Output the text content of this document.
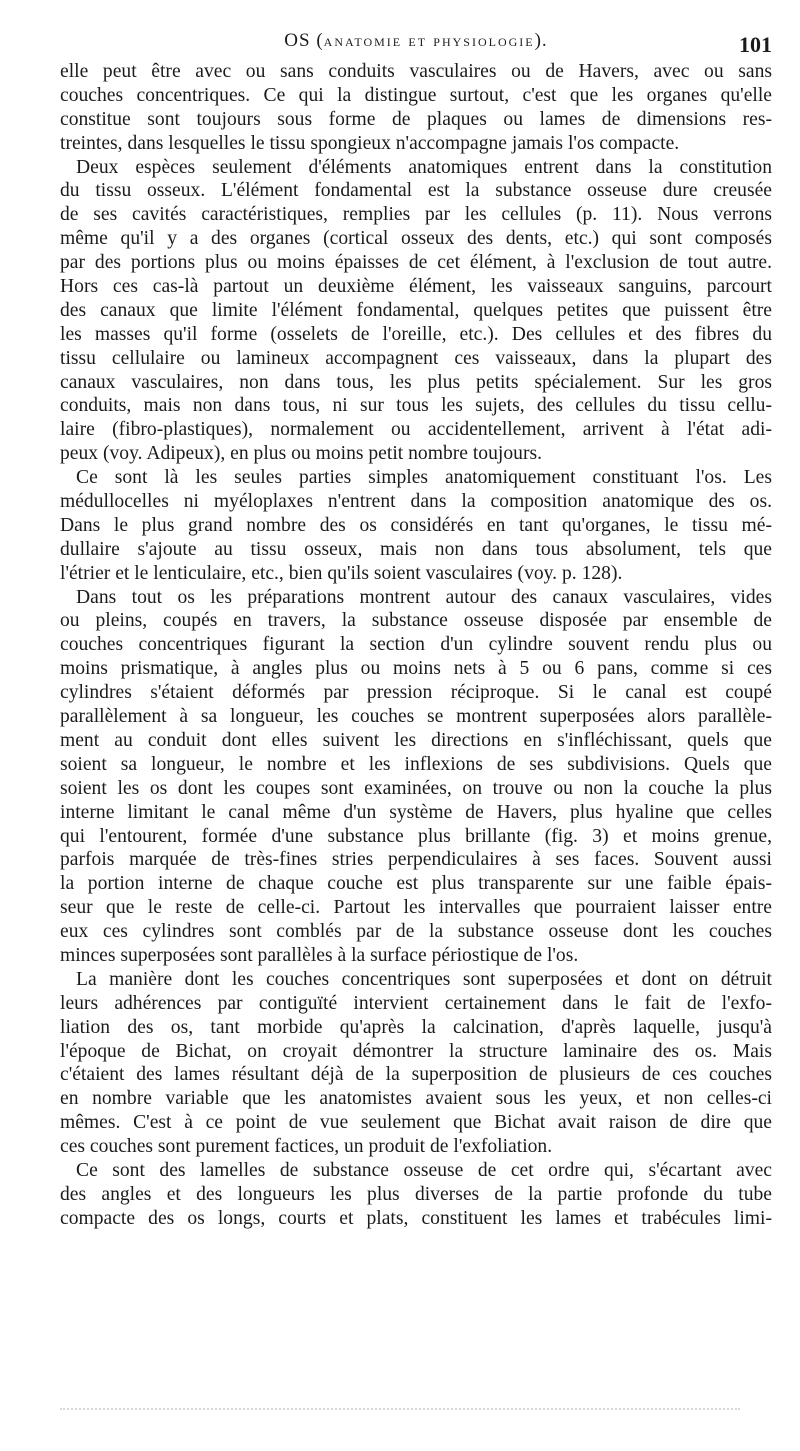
OS (anatomie et physiologie).	101
elle peut être avec ou sans conduits vasculaires ou de Havers, avec ou sans
couches concentriques. Ce qui la distingue surtout, c'est que les organes qu'elle
constitue sont toujours sous forme de plaques ou lames de dimensions res-
treintes, dans lesquelles le tissu spongieux n'accompagne jamais l'os compacte.
Deux espèces seulement d'éléments anatomiques entrent dans la constitution
du tissu osseux. L'élément fondamental est la substance osseuse dure creusée
de ses cavités caractéristiques, remplies par les cellules (p. 11). Nous verrons
même qu'il y a des organes (cortical osseux des dents, etc.) qui sont composés
par des portions plus ou moins épaisses de cet élément, à l'exclusion de tout autre.
Hors ces cas-là partout un deuxième élément, les vaisseaux sanguins, parcourt
des canaux que limite l'élément fondamental, quelques petites que puissent être
les masses qu'il forme (osselets de l'oreille, etc.). Des cellules et des fibres du
tissu cellulaire ou lamineux accompagnent ces vaisseaux, dans la plupart des
canaux vasculaires, non dans tous, les plus petits spécialement. Sur les gros
conduits, mais non dans tous, ni sur tous les sujets, des cellules du tissu cellu-
laire (fibro-plastiques), normalement ou accidentellement, arrivent à l'état adi-
peux (voy. Adipeux), en plus ou moins petit nombre toujours.
Ce sont là les seules parties simples anatomiquement constituant l'os. Les
médullocelles ni myéloplaxes n'entrent dans la composition anatomique des os.
Dans le plus grand nombre des os considérés en tant qu'organes, le tissu mé-
dullaire s'ajoute au tissu osseux, mais non dans tous absolument, tels que
l'étrier et le lenticulaire, etc., bien qu'ils soient vasculaires (voy. p. 128).
Dans tout os les préparations montrent autour des canaux vasculaires, vides
ou pleins, coupés en travers, la substance osseuse disposée par ensemble de
couches concentriques figurant la section d'un cylindre souvent rendu plus ou
moins prismatique, à angles plus ou moins nets à 5 ou 6 pans, comme si ces
cylindres s'étaient déformés par pression réciproque. Si le canal est coupé
parallèlement à sa longueur, les couches se montrent superposées alors parallèle-
ment au conduit dont elles suivent les directions en s'infléchissant, quels que
soient sa longueur, le nombre et les inflexions de ses subdivisions. Quels que
soient les os dont les coupes sont examinées, on trouve ou non la couche la plus
interne limitant le canal même d'un système de Havers, plus hyaline que celles
qui l'entourent, formée d'une substance plus brillante (fig. 3) et moins grenue,
parfois marquée de très-fines stries perpendiculaires à ses faces. Souvent aussi
la portion interne de chaque couche est plus transparente sur une faible épais-
seur que le reste de celle-ci. Partout les intervalles que pourraient laisser entre
eux ces cylindres sont comblés par de la substance osseuse dont les couches
minces superposées sont parallèles à la surface périostique de l'os.
La manière dont les couches concentriques sont superposées et dont on détruit
leurs adhérences par contiguïté intervient certainement dans le fait de l'exfo-
liation des os, tant morbide qu'après la calcination, d'après laquelle, jusqu'à
l'époque de Bichat, on croyait démontrer la structure laminaire des os. Mais
c'étaient des lames résultant déjà de la superposition de plusieurs de ces couches
en nombre variable que les anatomistes avaient sous les yeux, et non celles-ci
mêmes. C'est à ce point de vue seulement que Bichat avait raison de dire que
ces couches sont purement factices, un produit de l'exfoliation.
Ce sont des lamelles de substance osseuse de cet ordre qui, s'écartant avec
des angles et des longueurs les plus diverses de la partie profonde du tube
compacte des os longs, courts et plats, constituent les lames et trabécules limi-
